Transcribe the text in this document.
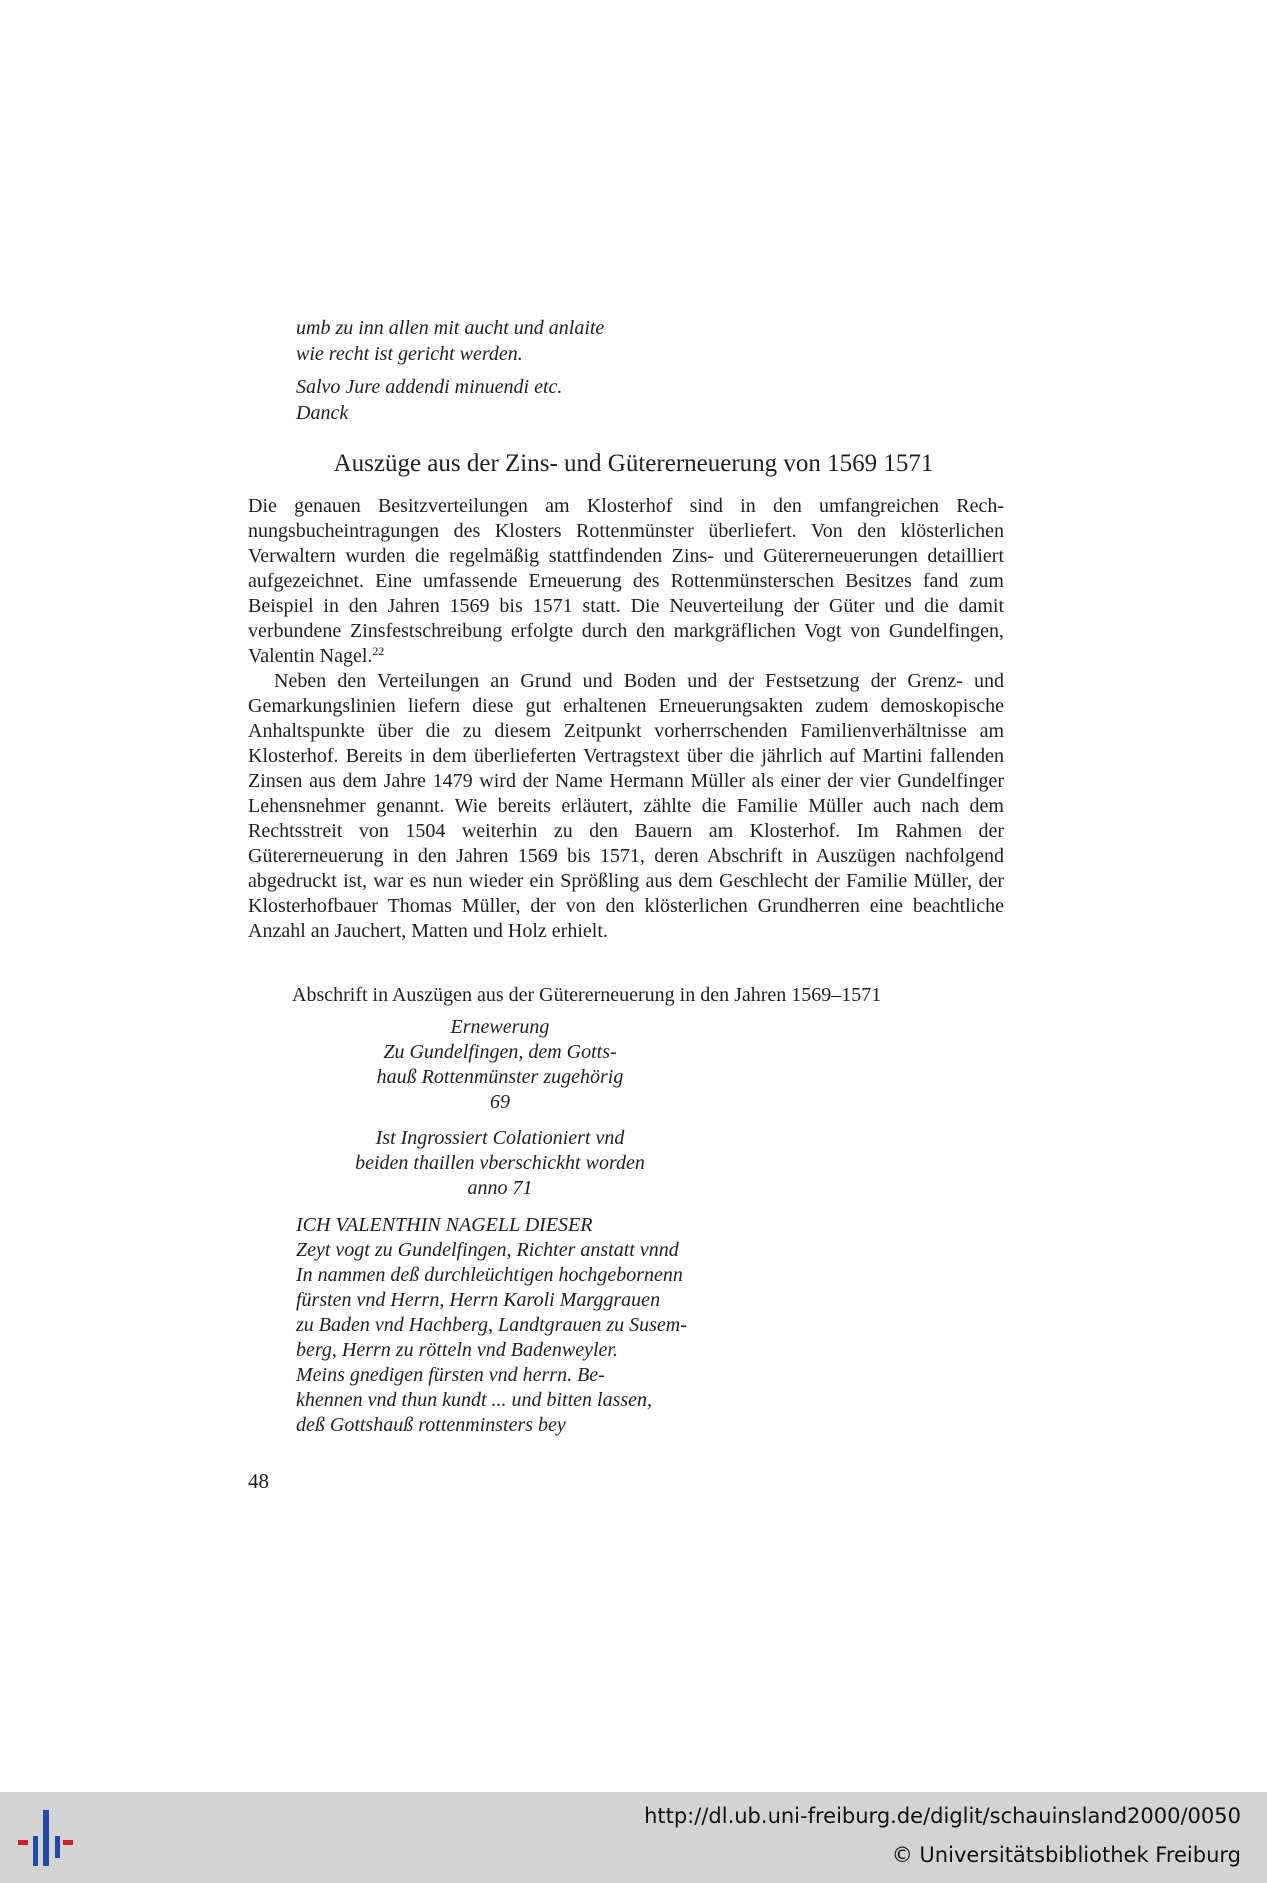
umb zu inn allen mit aucht und anlaite
wie recht ist gericht werden.
Salvo Jure addendi minuendi etc.
Danck
Auszüge aus der Zins- und Gütererneuerung von 1569 1571

Die genauen Besitzverteilungen am Klosterhof sind in den umfangreichen Rechnungsbucheintragungen des Klosters Rottenmünster überliefert. Von den klösterlichen Verwaltern wurden die regelmäßig stattfindenden Zins- und Gütererneuerungen detailliert aufgezeichnet. Eine umfassende Erneuerung des Rottenmünsterschen Besitzes fand zum Beispiel in den Jahren 1569 bis 1571 statt. Die Neuverteilung der Güter und die damit verbundene Zinsfestschreibung erfolgte durch den markgräflichen Vogt von Gundelfingen, Valentin Nagel.$^{22}$

Neben den Verteilungen an Grund und Boden und der Festsetzung der Grenz- und Gemarkungslinien liefern diese gut erhaltenen Erneuerungsakten zudem demoskopische Anhaltspunkte über die zu diesem Zeitpunkt vorherrschenden Familienverhältnisse am Klosterhof. Bereits in dem überlieferten Vertragstext über die jährlich auf Martini fallenden Zinsen aus dem Jahre 1479 wird der Name Hermann Müller als einer der vier Gundelfinger Lehensnehmer genannt. Wie bereits erläutert, zählte die Familie Müller auch nach dem Rechtsstreit von 1504 weiterhin zu den Bauern am Klosterhof. Im Rahmen der Gütererneuerung in den Jahren 1569 bis 1571, deren Abschrift in Auszügen nachfolgend abgedruckt ist, war es nun wieder ein Sprößling aus dem Geschlecht der Familie Müller, der Klosterhofbauer Thomas Müller, der von den klösterlichen Grundherren eine beachtliche Anzahl an Jauchert, Matten und Holz erhielt.

Abschrift in Auszügen aus der Gütererneuerung in den Jahren 1569–1571
Ernewerung
Zu Gundelfingen, dem Gotts-
hauß Rottenmünster zugehörig
69
Ist Ingrossiert Colationiert vnd
beiden thaillen vberschickht worden
anno 71
ICH VALENTHIN NAGELL DIESER
Zeyt vogt zu Gundelfingen, Richter anstatt vnnd
In nammen deß durchleüchtigen hochgebornenn
fürsten vnd Herrn, Herrn Karoli Marggrauen
zu Baden vnd Hachberg, Landtgrauen zu Susem-
berg, Herrn zu rötteln vnd Badenweyler.
Meins gnedigen fürsten vnd herrn. Be-
khennen vnd thun kundt ... und bitten lassen,
deß Gottshauß rottenminsters bey
48
http://dl.ub.uni-freiburg.de/diglit/schauinsland2000/0050
© Universitätsbibliothek Freiburg
